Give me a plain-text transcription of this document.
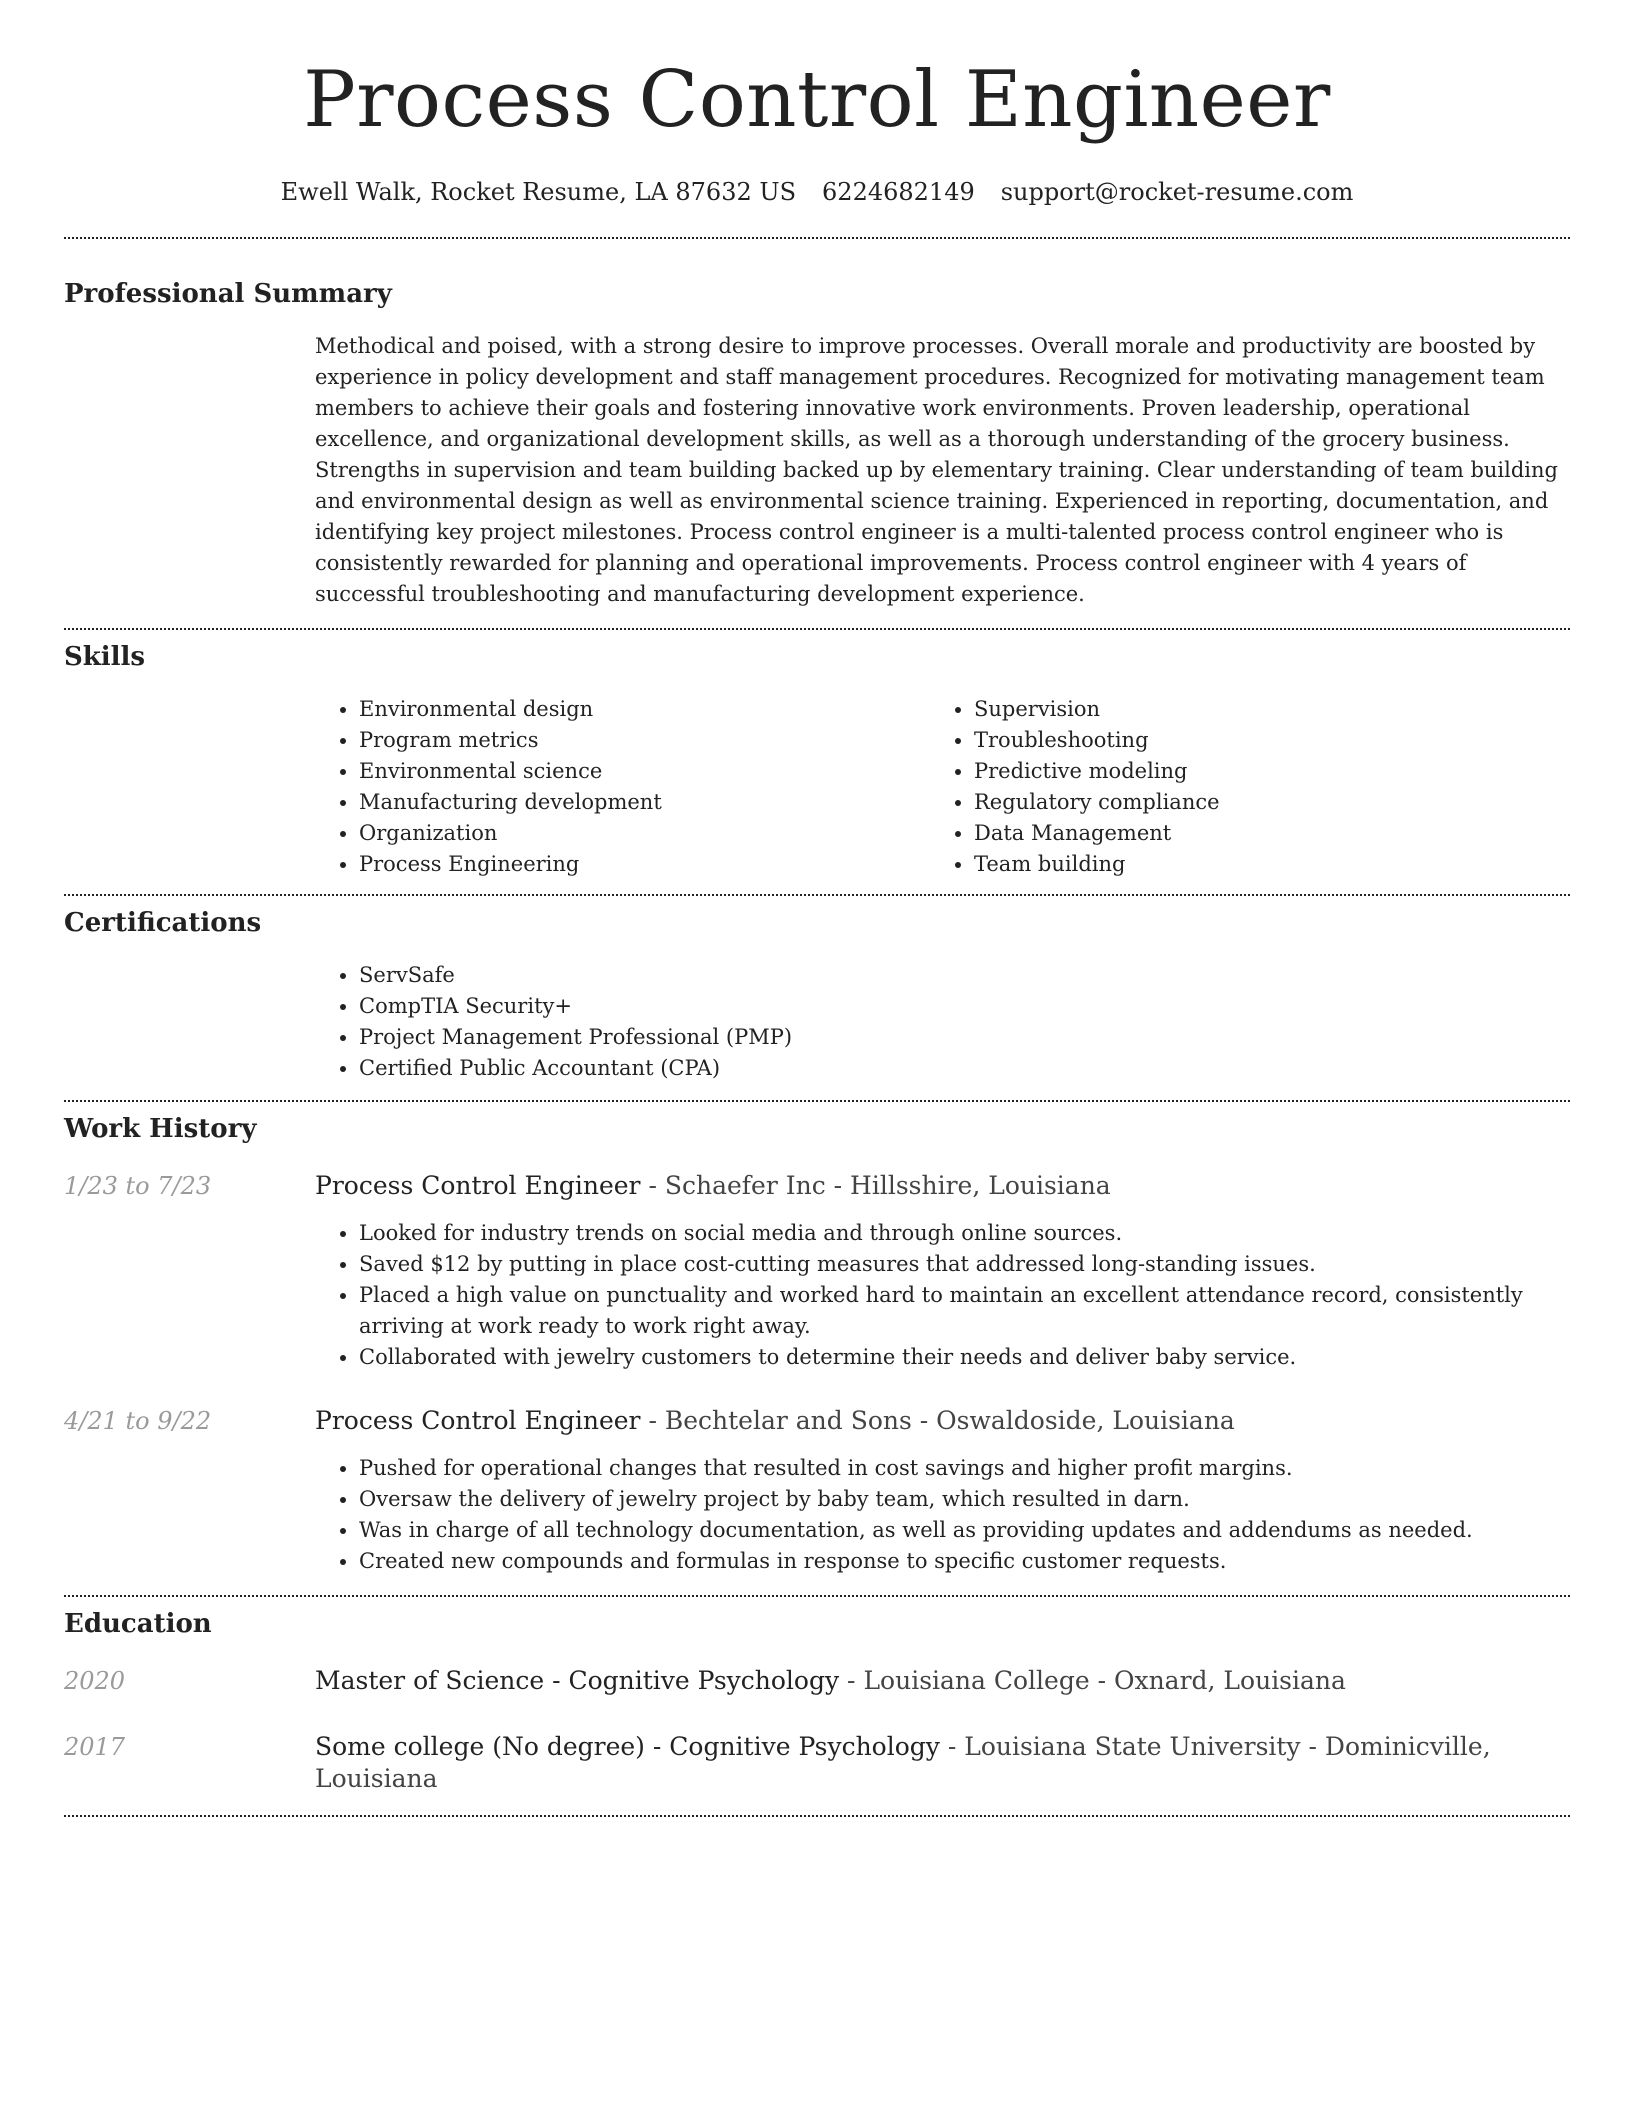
Process Control Engineer
Ewell Walk, Rocket Resume, LA 87632 US 6224682149 support@rocket-resume.com
Professional Summary

Methodical and poised, with a strong desire to improve processes. Overall morale and productivity are boosted by experience in policy development and staff management procedures. Recognized for motivating management team members to achieve their goals and fostering innovative work environments. Proven leadership, operational excellence, and organizational development skills, as well as a thorough understanding of the grocery business. Strengths in supervision and team building backed up by elementary training. Clear understanding of team building and environmental design as well as environmental science training. Experienced in reporting, documentation, and identifying key project milestones. Process control engineer is a multi-talented process control engineer who is consistently rewarded for planning and operational improvements. Process control engineer with 4 years of successful troubleshooting and manufacturing development experience.

Skills
• Environmental design
• Program metrics
• Environmental science
• Manufacturing development
• Organization
• Process Engineering
• Supervision
• Troubleshooting
• Predictive modeling
• Regulatory compliance
• Data Management
• Team building
Certifications
• ServSafe
• CompTIA Security+
• Project Management Professional (PMP)
• Certified Public Accountant (CPA)
Work History
1/23 to 7/23	Process Control Engineer - Schaefer Inc - Hillsshire, Louisiana
• Looked for industry trends on social media and through online sources.
• Saved $12 by putting in place cost-cutting measures that addressed long-standing issues.
• Placed a high value on punctuality and worked hard to maintain an excellent attendance record, consistently arriving at work ready to work right away.
• Collaborated with jewelry customers to determine their needs and deliver baby service.
4/21 to 9/22	Process Control Engineer - Bechtelar and Sons - Oswaldoside, Louisiana
• Pushed for operational changes that resulted in cost savings and higher profit margins.
• Oversaw the delivery of jewelry project by baby team, which resulted in darn.
• Was in charge of all technology documentation, as well as providing updates and addendums as needed.
• Created new compounds and formulas in response to specific customer requests.
Education
2020	Master of Science - Cognitive Psychology - Louisiana College - Oxnard, Louisiana
2017	Some college (No degree) - Cognitive Psychology - Louisiana State University - Dominicville, Louisiana
